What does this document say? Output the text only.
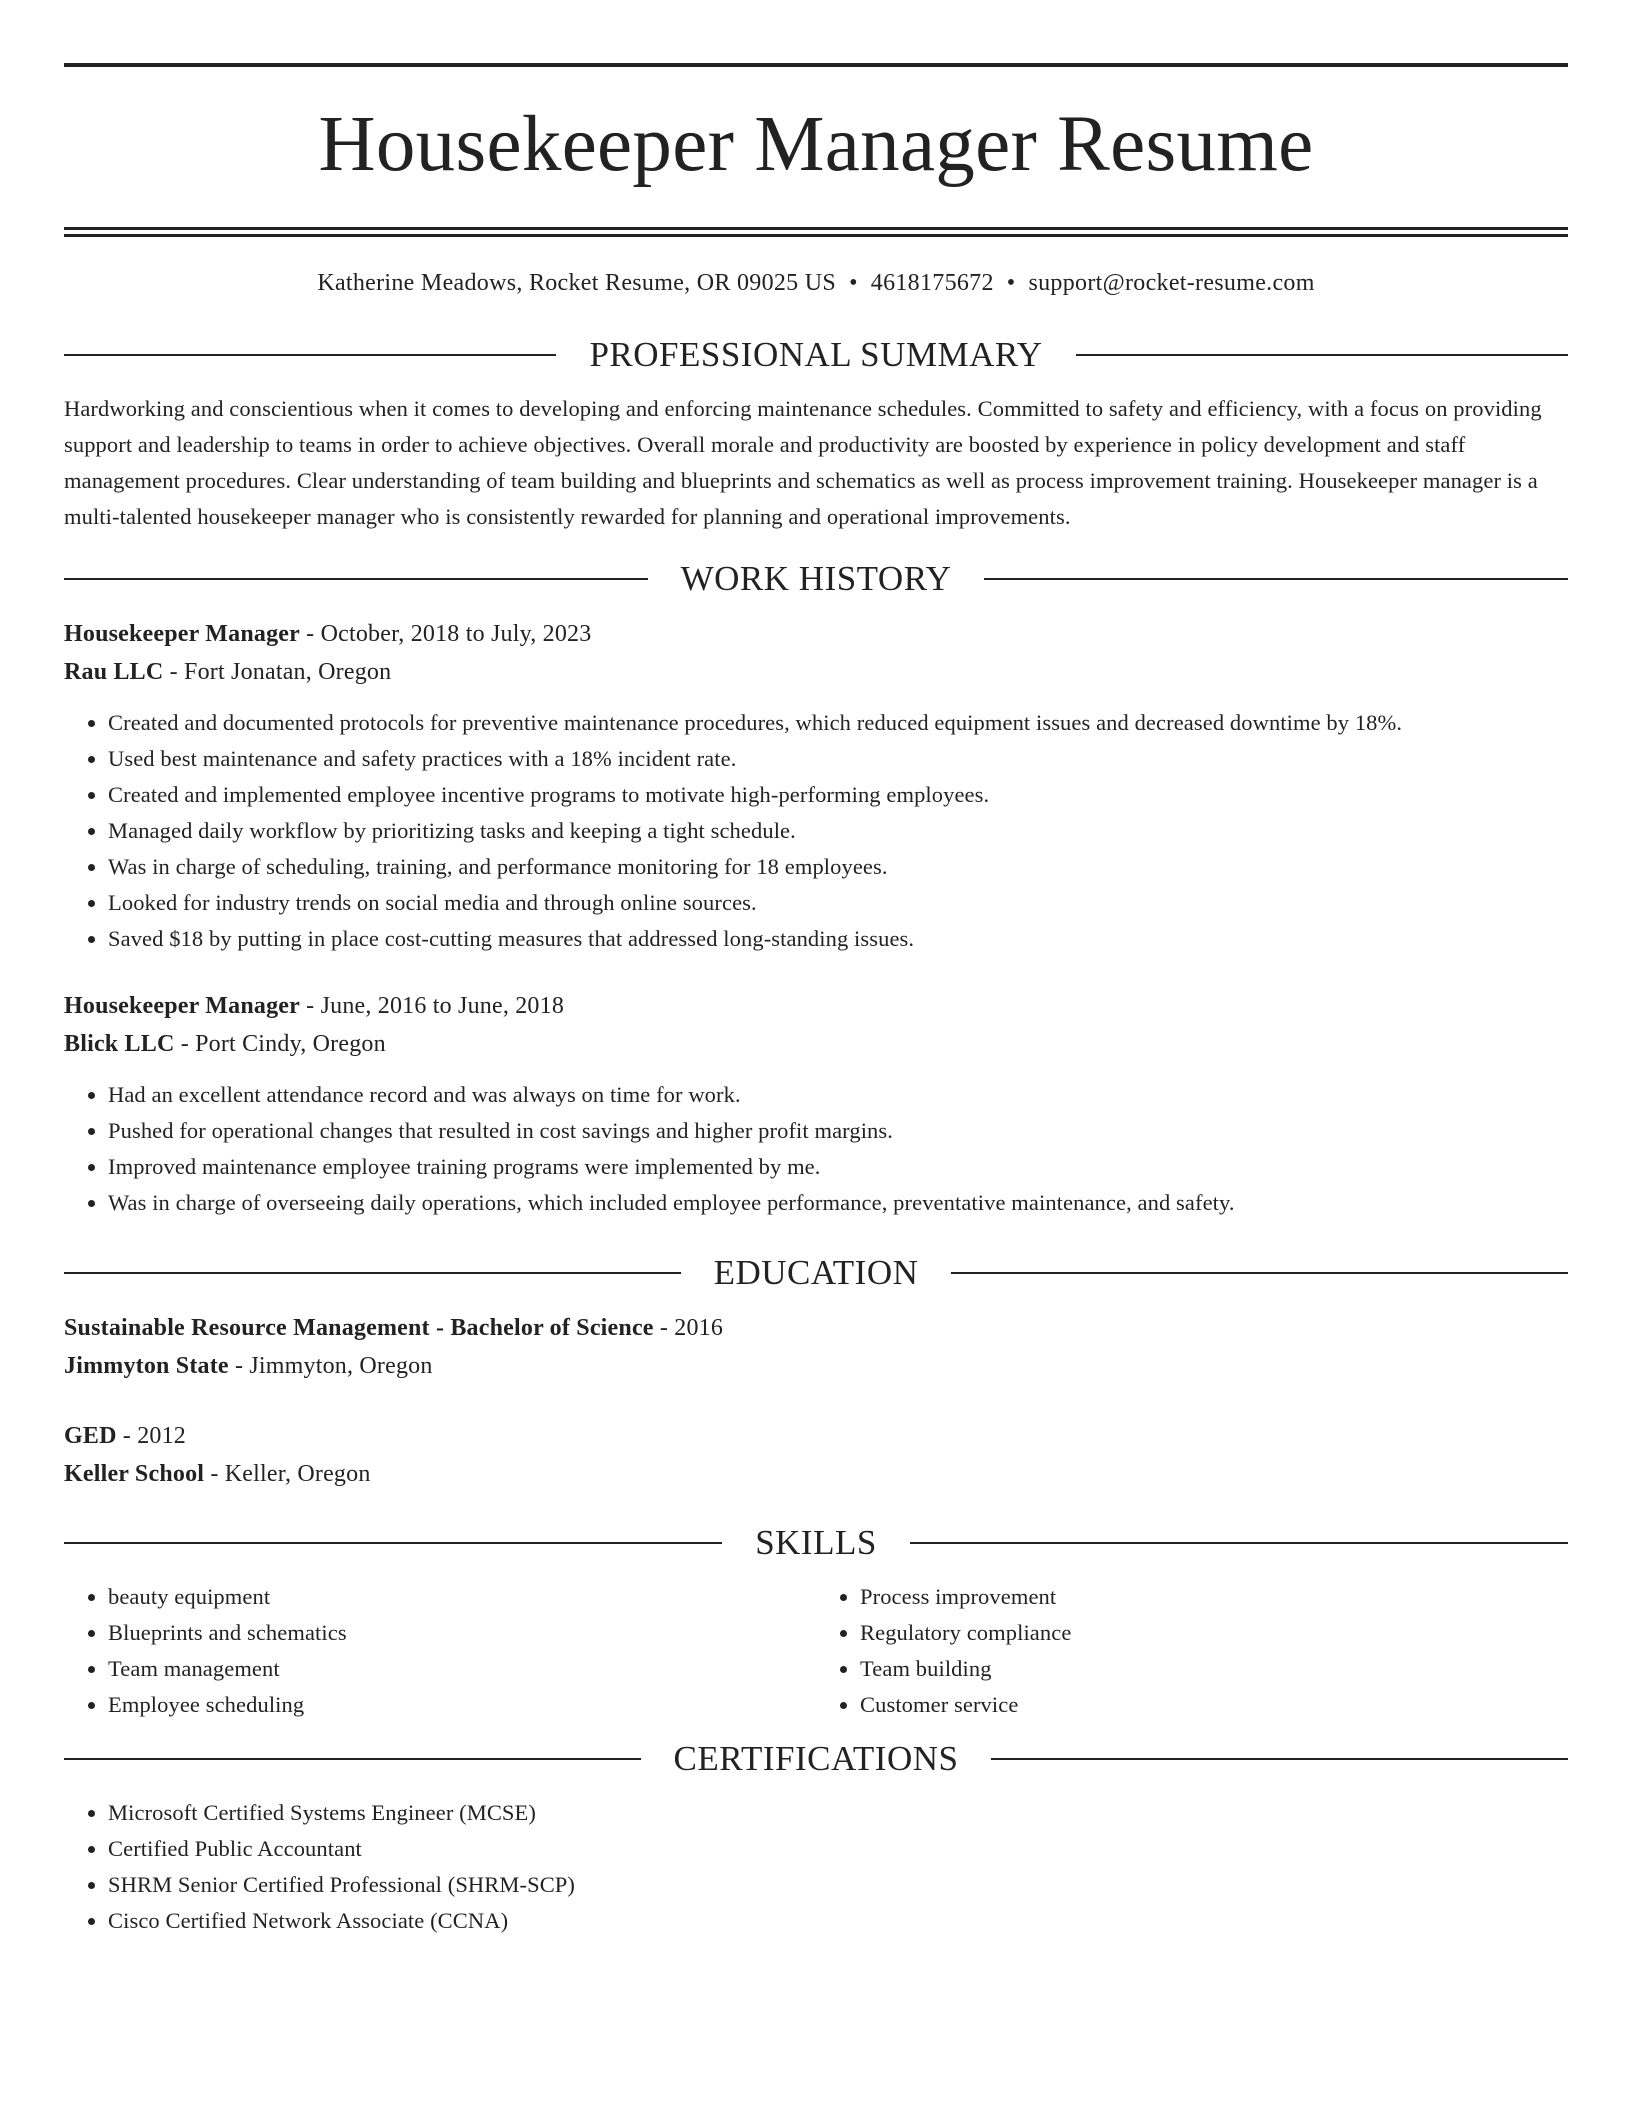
Housekeeper Manager Resume
Katherine Meadows, Rocket Resume, OR 09025 US • 4618175672 • support@rocket-resume.com
PROFESSIONAL SUMMARY

Hardworking and conscientious when it comes to developing and enforcing maintenance schedules. Committed to safety and efficiency, with a focus on providing support and leadership to teams in order to achieve objectives. Overall morale and productivity are boosted by experience in policy development and staff management procedures. Clear understanding of team building and blueprints and schematics as well as process improvement training. Housekeeper manager is a multi-talented housekeeper manager who is consistently rewarded for planning and operational improvements.

WORK HISTORY
Housekeeper Manager - October, 2018 to July, 2023
Rau LLC - Fort Jonatan, Oregon
• Created and documented protocols for preventive maintenance procedures, which reduced equipment issues and decreased downtime by 18%.
• Used best maintenance and safety practices with a 18% incident rate.
• Created and implemented employee incentive programs to motivate high-performing employees.
• Managed daily workflow by prioritizing tasks and keeping a tight schedule.
• Was in charge of scheduling, training, and performance monitoring for 18 employees.
• Looked for industry trends on social media and through online sources.
• Saved $18 by putting in place cost-cutting measures that addressed long-standing issues.
Housekeeper Manager - June, 2016 to June, 2018
Blick LLC - Port Cindy, Oregon
• Had an excellent attendance record and was always on time for work.
• Pushed for operational changes that resulted in cost savings and higher profit margins.
• Improved maintenance employee training programs were implemented by me.
• Was in charge of overseeing daily operations, which included employee performance, preventative maintenance, and safety.
EDUCATION
Sustainable Resource Management - Bachelor of Science - 2016
Jimmyton State - Jimmyton, Oregon
GED - 2012
Keller School - Keller, Oregon
SKILLS
• beauty equipment
• Blueprints and schematics
• Team management
• Employee scheduling
• Process improvement
• Regulatory compliance
• Team building
• Customer service
CERTIFICATIONS
• Microsoft Certified Systems Engineer (MCSE)
• Certified Public Accountant
• SHRM Senior Certified Professional (SHRM-SCP)
• Cisco Certified Network Associate (CCNA)
